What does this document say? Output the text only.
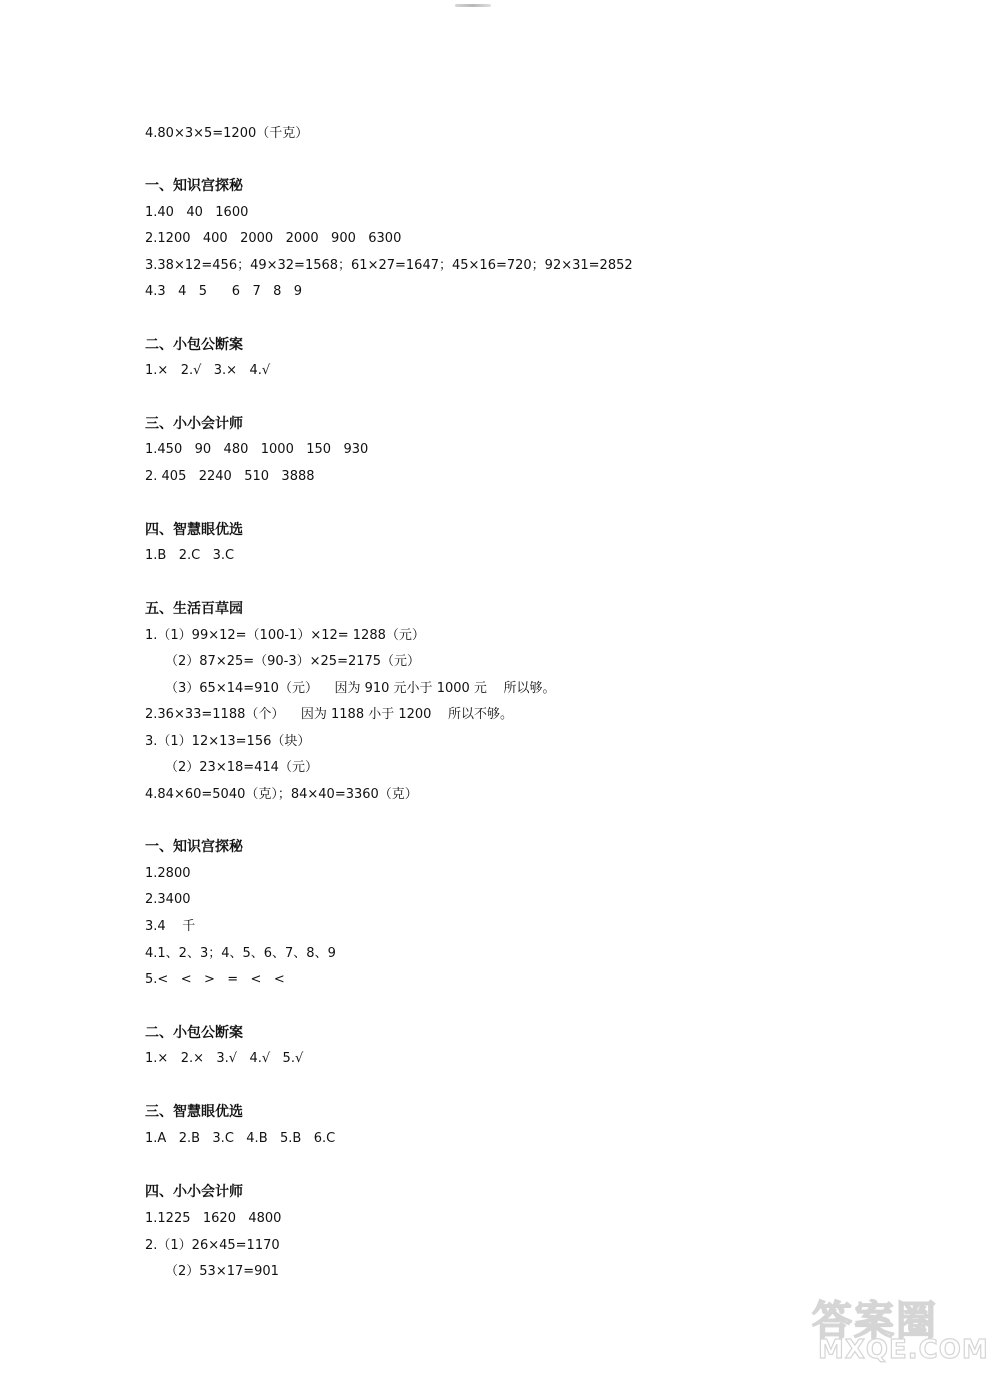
4.80×3×5=1200（千克）
一、知识宫探秘
1.40   40   1600
2.1200   400   2000   2000   900   6300
3.38×12=456；49×32=1568；61×27=1647；45×16=720；92×31=2852
4.3   4   5      6   7   8   9
二、小包公断案
1.×   2.√   3.×   4.√
三、小小会计师
1.450   90   480   1000   150   930
2. 405   2240   510   3888
四、智慧眼优选
1.B   2.C   3.C
五、生活百草园
1.（1）99×12=（100-1）×12= 1288（元）
（2）87×25=（90-3）×25=2175（元）
（3）65×14=910（元）    因为 910 元小于 1000 元    所以够。
2.36×33=1188（个）    因为 1188 小于 1200    所以不够。
3.（1）12×13=156（块）
（2）23×18=414（元）
4.84×60=5040（克）；84×40=3360（克）
一、知识宫探秘
1.2800
2.3400
3.4    千
4.1、2、3；4、5、6、7、8、9
5.<   <   >   =   <   <
二、小包公断案
1.×   2.×   3.√   4.√   5.√
三、智慧眼优选
1.A   2.B   3.C   4.B   5.B   6.C
四、小小会计师
1.1225   1620   4800
2.（1）26×45=1170
（2）53×17=901
答案圈
MXQE.COM
